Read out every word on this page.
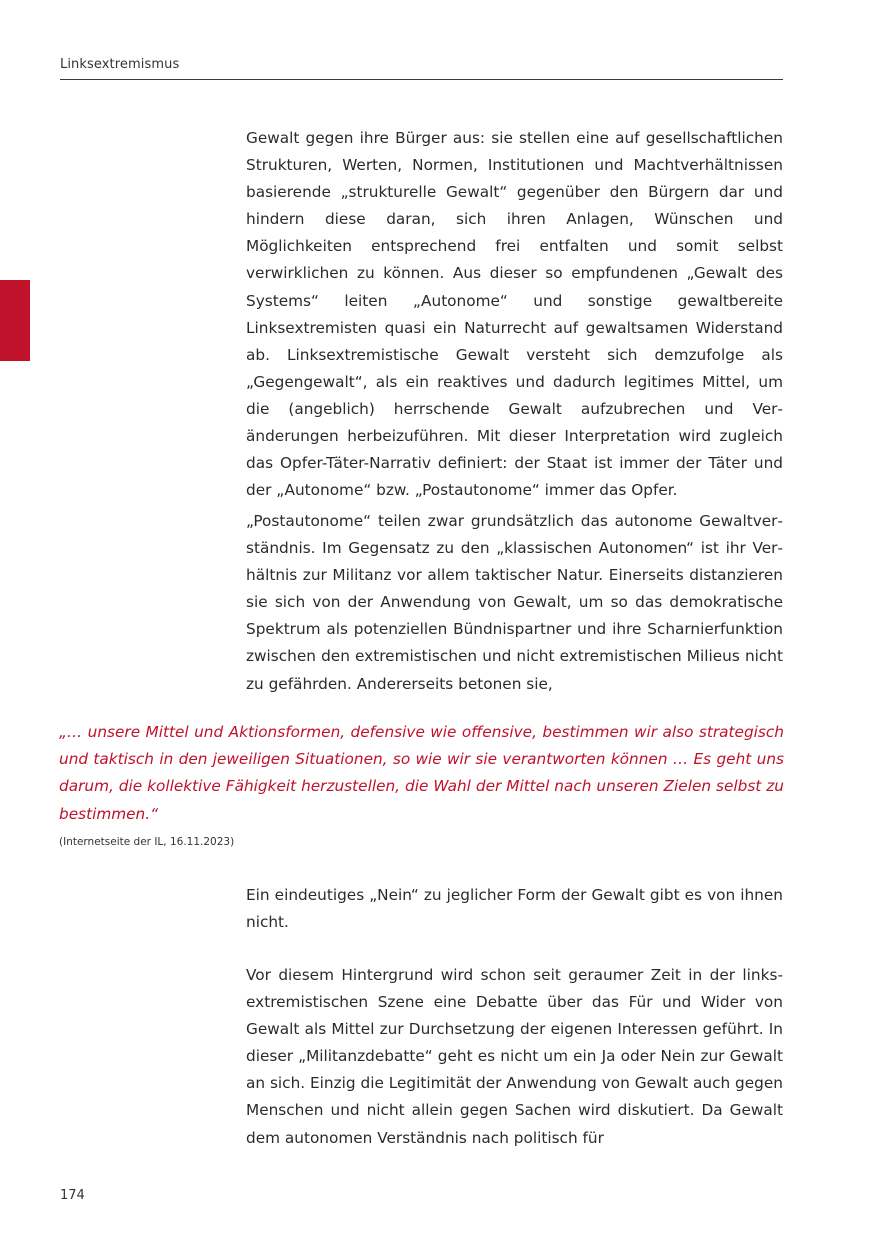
Linksextremismus

Gewalt gegen ihre Bürger aus: sie stellen eine auf gesellschaftlichen Strukturen, Werten, Normen, Institutionen und Machtverhältnissen basierende „strukturelle Gewalt“ gegenüber den Bürgern dar und hindern diese daran, sich ihren Anlagen, Wünschen und Möglichkeiten entsprechend frei entfalten und somit selbst verwirklichen zu können. Aus dieser so empfundenen „Gewalt des Systems“ leiten „Autonome“ und sonstige gewaltbereite Linksextremisten quasi ein Naturrecht auf gewaltsamen Widerstand ab. Linksextremistische Gewalt versteht sich demzufolge als „Gegengewalt“, als ein reaktives und dadurch legitimes Mittel, um die (angeblich) herrschende Gewalt aufzubrechen und Veränderungen herbeizuführen. Mit dieser Interpretation wird zugleich das Opfer-Täter-Narrativ definiert: der Staat ist immer der Täter und der „Autonome“ bzw. „Postautonome“ immer das Opfer.

„Postautonome“ teilen zwar grundsätzlich das autonome Gewaltverständnis. Im Gegensatz zu den „klassischen Autonomen“ ist ihr Verhältnis zur Militanz vor allem taktischer Natur. Einerseits distanzieren sie sich von der Anwendung von Gewalt, um so das demokratische Spektrum als potenziellen Bündnispartner und ihre Scharnierfunktion zwischen den extremistischen und nicht extremistischen Milieus nicht zu gefährden. Andererseits betonen sie,

„… unsere Mittel und Aktionsformen, defensive wie offensive, bestimmen wir also strategisch und taktisch in den jeweiligen Situationen, so wie wir sie verantworten können … Es geht uns darum, die kollektive Fähigkeit herzustellen, die Wahl der Mittel nach unseren Zielen selbst zu bestimmen.“

(Internetseite der IL, 16.11.2023)

Ein eindeutiges „Nein“ zu jeglicher Form der Gewalt gibt es von ihnen nicht.

Vor diesem Hintergrund wird schon seit geraumer Zeit in der linksextremistischen Szene eine Debatte über das Für und Wider von Gewalt als Mittel zur Durchsetzung der eigenen Interessen geführt. In dieser „Militanzdebatte“ geht es nicht um ein Ja oder Nein zur Gewalt an sich. Einzig die Legitimität der Anwendung von Gewalt auch gegen Menschen und nicht allein gegen Sachen wird diskutiert. Da Gewalt dem autonomen Verständnis nach politisch für

174
